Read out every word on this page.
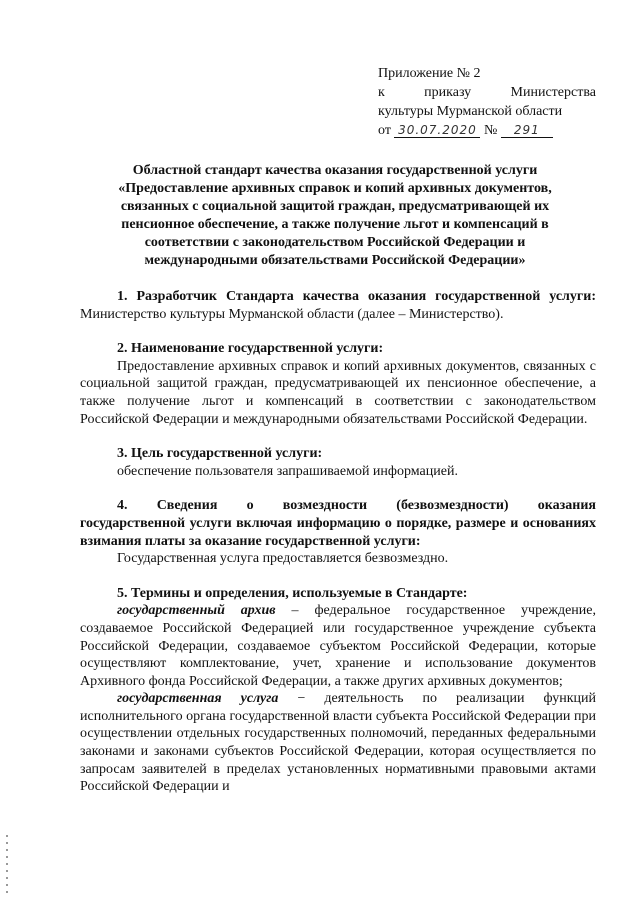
Приложение № 2
к	приказу	Министерства
культуры Мурманской области
от 30.07.2020 № 291
Областной стандарт качества оказания государственной услуги
«Предоставление архивных справок и копий архивных документов,
связанных с социальной защитой граждан, предусматривающей их
пенсионное обеспечение, а также получение льгот и компенсаций в
соответствии с законодательством Российской Федерации и
международными обязательствами Российской Федерации»

1. Разработчик Стандарта качества оказания государственной услуги: Министерство культуры Мурманской области (далее – Министерство).

2. Наименование государственной услуги:

Предоставление архивных справок и копий архивных документов, связанных с социальной защитой граждан, предусматривающей их пенсионное обеспечение, а также получение льгот и компенсаций в соответствии с законодательством Российской Федерации и международными обязательствами Российской Федерации.

3. Цель государственной услуги:

обеспечение пользователя запрашиваемой информацией.

4. Сведения о возмездности (безвозмездности) оказания

государственной услуги включая информацию о порядке, размере и основаниях взимания платы за оказание государственной услуги:

Государственная услуга предоставляется безвозмездно.

5. Термины и определения, используемые в Стандарте:

государственный архив – федеральное государственное учреждение, создаваемое Российской Федерацией или государственное учреждение субъекта Российской Федерации, создаваемое субъектом Российской Федерации, которые осуществляют комплектование, учет, хранение и использование документов Архивного фонда Российской Федерации, а также других архивных документов;

государственная услуга − деятельность по реализации функций исполнительного органа государственной власти субъекта Российской Федерации при осуществлении отдельных государственных полномочий, переданных федеральными законами и законами субъектов Российской Федерации, которая осуществляется по запросам заявителей в пределах установленных нормативными правовыми актами Российской Федерации и
